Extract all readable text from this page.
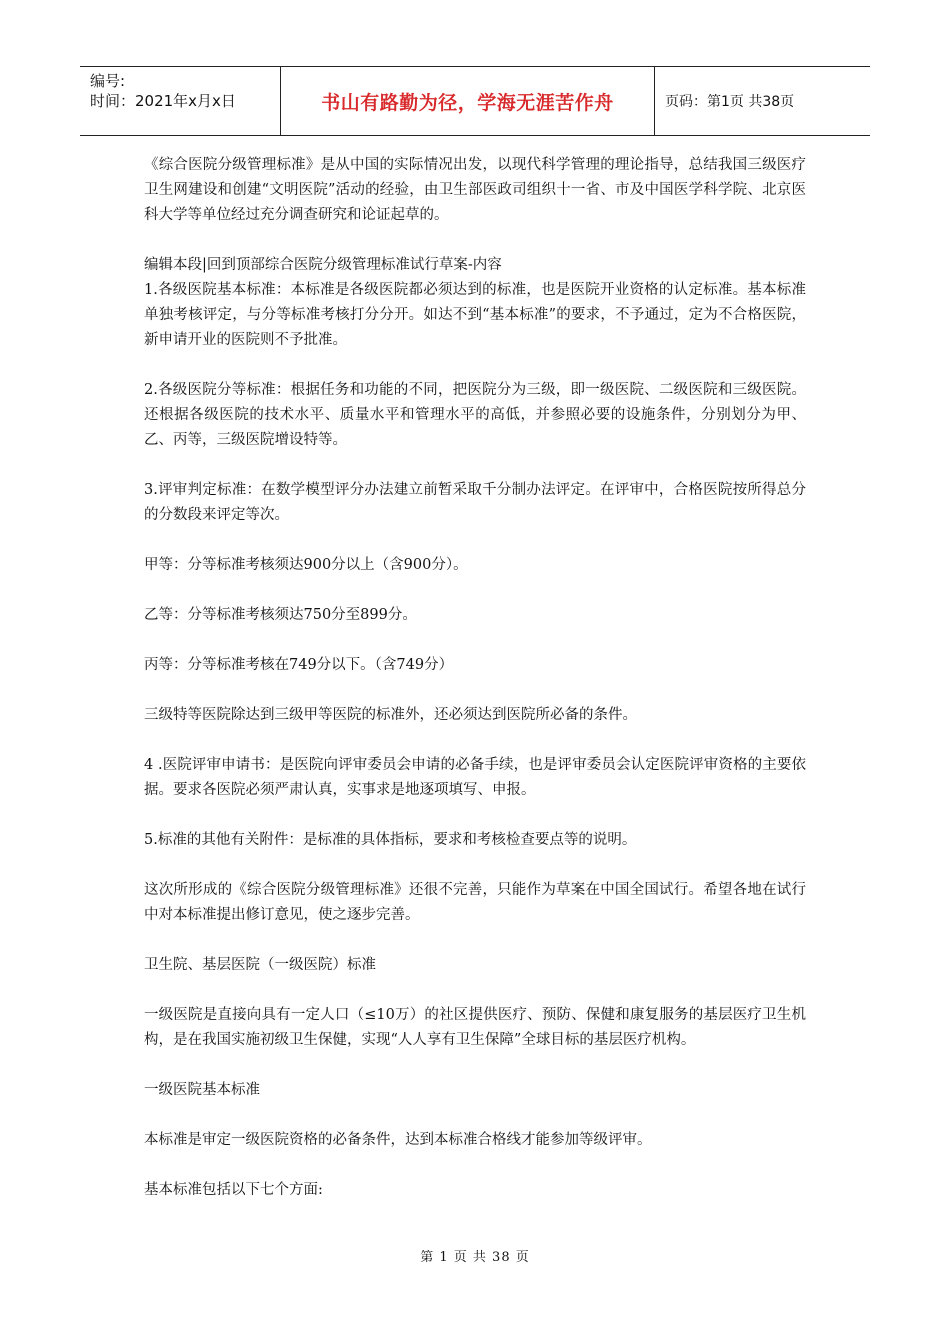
编号:
时间：2021年x月x日	书山有路勤为径，学海无涯苦作舟	页码：第1页 共38页

《综合医院分级管理标准》是从中国的实际情况出发，以现代科学管理的理论指导，总结我国三级医疗卫生网建设和创建“文明医院”活动的经验，由卫生部医政司组织十一省、市及中国医学科学院、北京医科大学等单位经过充分调查研究和论证起草的。

编辑本段|回到顶部综合医院分级管理标准试行草案-内容

1.各级医院基本标准：本标准是各级医院都必须达到的标准，也是医院开业资格的认定标准。基本标准单独考核评定，与分等标准考核打分分开。如达不到“基本标准”的要求，不予通过，定为不合格医院，新申请开业的医院则不予批准。

2.各级医院分等标准：根据任务和功能的不同，把医院分为三级，即一级医院、二级医院和三级医院。还根据各级医院的技术水平、质量水平和管理水平的高低，并参照必要的设施条件，分别划分为甲、乙、丙等，三级医院增设特等。

3.评审判定标准：在数学模型评分办法建立前暂采取千分制办法评定。在评审中，合格医院按所得总分的分数段来评定等次。

甲等：分等标准考核须达900分以上（含900分）。

乙等：分等标准考核须达750分至899分。

丙等：分等标准考核在749分以下。（含749分）

三级特等医院除达到三级甲等医院的标准外，还必须达到医院所必备的条件。

4 .医院评审申请书：是医院向评审委员会申请的必备手续，也是评审委员会认定医院评审资格的主要依据。要求各医院必须严肃认真，实事求是地逐项填写、申报。

5.标准的其他有关附件：是标准的具体指标，要求和考核检查要点等的说明。

这次所形成的《综合医院分级管理标准》还很不完善，只能作为草案在中国全国试行。希望各地在试行中对本标准提出修订意见，使之逐步完善。

卫生院、基层医院（一级医院）标准

一级医院是直接向具有一定人口（≤10万）的社区提供医疗、预防、保健和康复服务的基层医疗卫生机构，是在我国实施初级卫生保健，实现“人人享有卫生保障”全球目标的基层医疗机构。

一级医院基本标准

本标准是审定一级医院资格的必备条件，达到本标准合格线才能参加等级评审。

基本标准包括以下七个方面:

第 1 页 共 38 页
